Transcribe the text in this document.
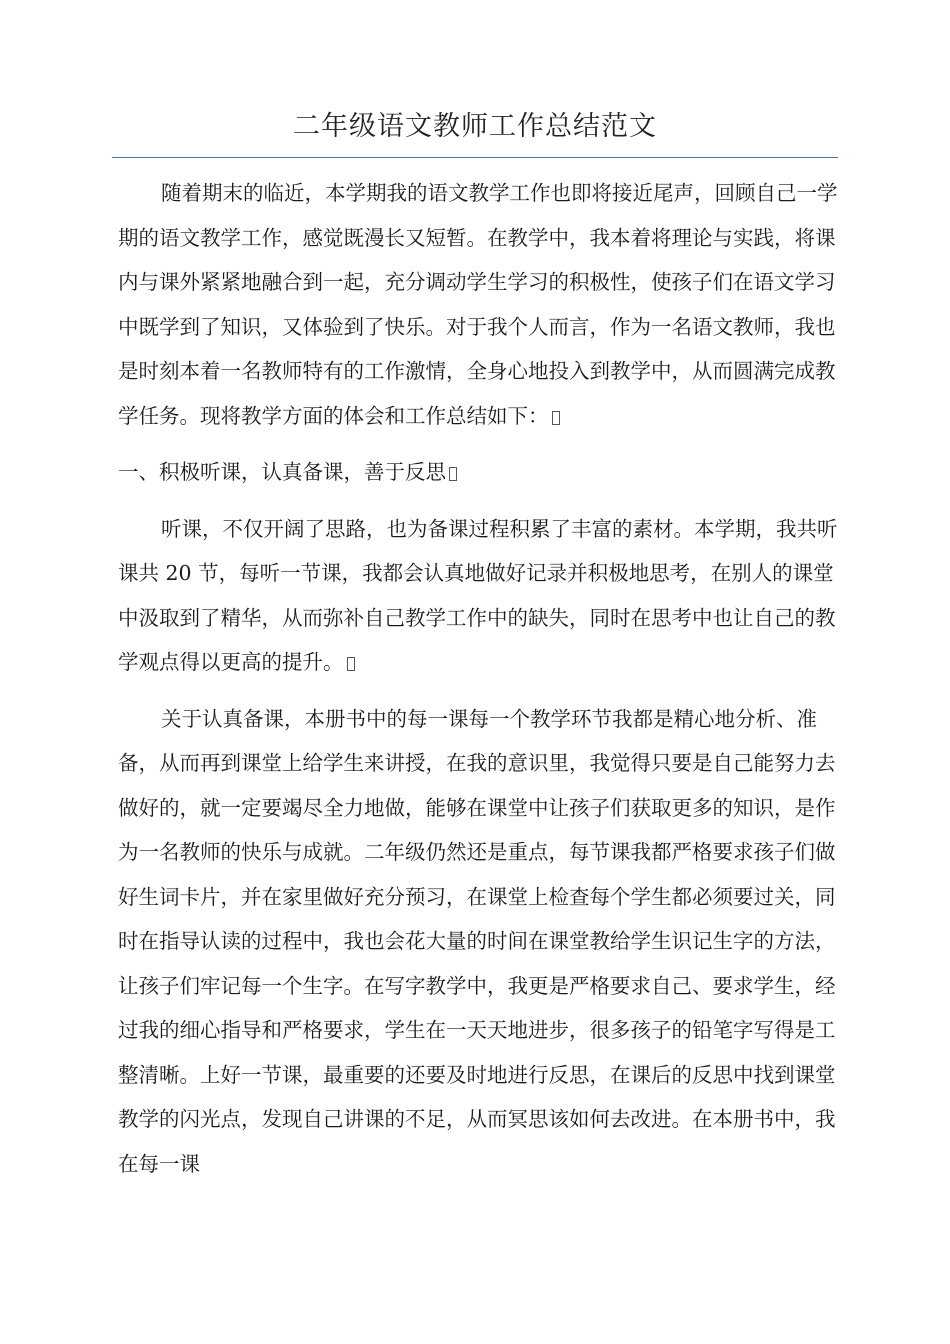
二年级语文教师工作总结范文

随着期末的临近，本学期我的语文教学工作也即将接近尾声，回顾自己一学期的语文教学工作，感觉既漫长又短暂。在教学中，我本着将理论与实践，将课内与课外紧紧地融合到一起，充分调动学生学习的积极性，使孩子们在语文学习中既学到了知识，又体验到了快乐。对于我个人而言，作为一名语文教师，我也是时刻本着一名教师特有的工作激情，全身心地投入到教学中，从而圆满完成教学任务。现将教学方面的体会和工作总结如下：

一、积极听课，认真备课，善于反思

听课，不仅开阔了思路，也为备课过程积累了丰富的素材。本学期，我共听课共 20 节，每听一节课，我都会认真地做好记录并积极地思考，在别人的课堂中汲取到了精华，从而弥补自己教学工作中的缺失，同时在思考中也让自己的教学观点得以更高的提升。

关于认真备课，本册书中的每一课每一个教学环节我都是精心地分析、准备，从而再到课堂上给学生来讲授，在我的意识里，我觉得只要是自己能努力去做好的，就一定要竭尽全力地做，能够在课堂中让孩子们获取更多的知识，是作为一名教师的快乐与成就。二年级仍然还是重点，每节课我都严格要求孩子们做好生词卡片，并在家里做好充分预习，在课堂上检查每个学生都必须要过关，同时在指导认读的过程中，我也会花大量的时间在课堂教给学生识记生字的方法，让孩子们牢记每一个生字。在写字教学中，我更是严格要求自己、要求学生，经过我的细心指导和严格要求，学生在一天天地进步，很多孩子的铅笔字写得是工整清晰。上好一节课，最重要的还要及时地进行反思，在课后的反思中找到课堂教学的闪光点，发现自己讲课的不足，从而冥思该如何去改进。在本册书中，我在每一课
